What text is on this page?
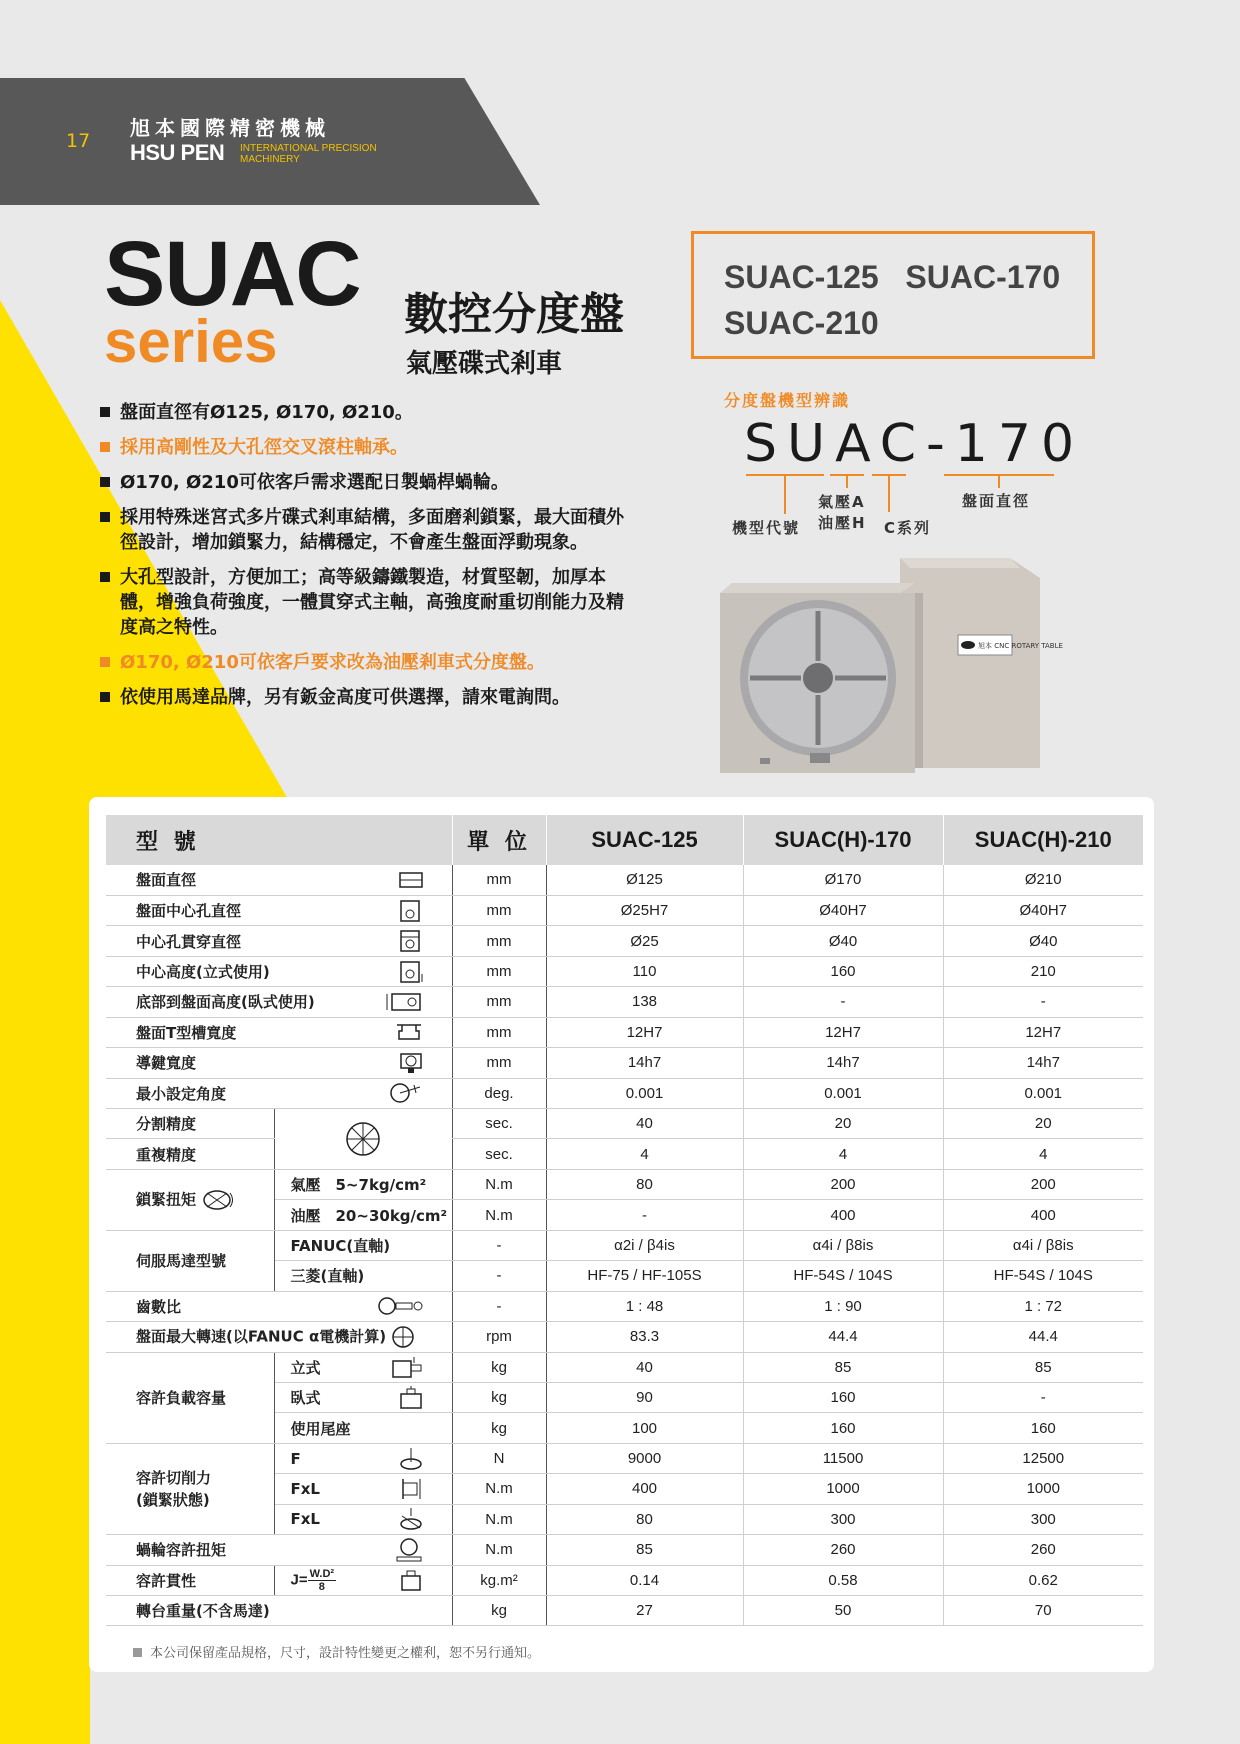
17
旭本國際精密機械
HSU PEN INTERNATIONAL PRECISION MACHINERY
SUAC
series	數控分度盤
氣壓碟式剎車
SUAC-125   SUAC-170
SUAC-210
分度盤機型辨識
SUAC-170
機型代號
氣壓A
油壓H C系列
盤面直徑
盤面直徑有Ø125, Ø170, Ø210。
採用高剛性及大孔徑交叉滾柱軸承。
Ø170, Ø210可依客戶需求選配日製蝸桿蝸輪。
採用特殊迷宮式多片碟式剎車結構，多面磨剎鎖緊，最大面積外徑設計，增加鎖緊力，結構穩定，不會產生盤面浮動現象。
大孔型設計，方便加工；高等級鑄鐵製造，材質堅韌，加厚本體，增強負荷強度，一體貫穿式主軸，高強度耐重切削能力及精度高之特性。
Ø170, Ø210可依客戶要求改為油壓剎車式分度盤。
依使用馬達品牌，另有鈑金高度可供選擇，請來電詢問。
旭本 CNC ROTARY TABLE
型 號			單 位	SUAC-125	SUAC(H)-170	SUAC(H)-210
盤面直徑			mm	Ø125	Ø170	Ø210
盤面中心孔直徑			mm	Ø25H7	Ø40H7	Ø40H7
中心孔貫穿直徑			mm	Ø25	Ø40	Ø40
中心高度(立式使用)			mm	110	160	210
底部到盤面高度(臥式使用)			mm	138	-	-
盤面T型槽寬度			mm	12H7	12H7	12H7
導鍵寬度			mm	14h7	14h7	14h7
最小設定角度			deg.	0.001	0.001	0.001
分割精度			sec.	40	20	20
重複精度			sec.	4	4	4
鎖緊扭矩	氣壓　5~7kg/cm²		N.m	80	200	200
	油壓　20~30kg/cm²		N.m	-	400	400
伺服馬達型號	FANUC(直軸)		-	α2i / β4is	α4i / β8is	α4i / β8is
	三菱(直軸)		-	HF-75 / HF-105S	HF-54S / 104S	HF-54S / 104S
齒數比			-	1 : 48	1 : 90	1 : 72
盤面最大轉速(以FANUC α電機計算)			rpm	83.3	44.4	44.4
容許負載容量	立式		kg	40	85	85
	臥式		kg	90	160	-
	使用尾座		kg	100	160	160
容許切削力
(鎖緊狀態)	F		N	9000	11500	12500
	FxL		N.m	400	1000	1000
	FxL		N.m	80	300	300
蝸輪容許扭矩			N.m	85	260	260
容許貫性	$J= \frac{\text{W.D²}}{8}$		kg.m²	0.14	0.58	0.62
轉台重量(不含馬達)			kg	27	50	70
本公司保留產品規格，尺寸，設計特性變更之權利，恕不另行通知。
